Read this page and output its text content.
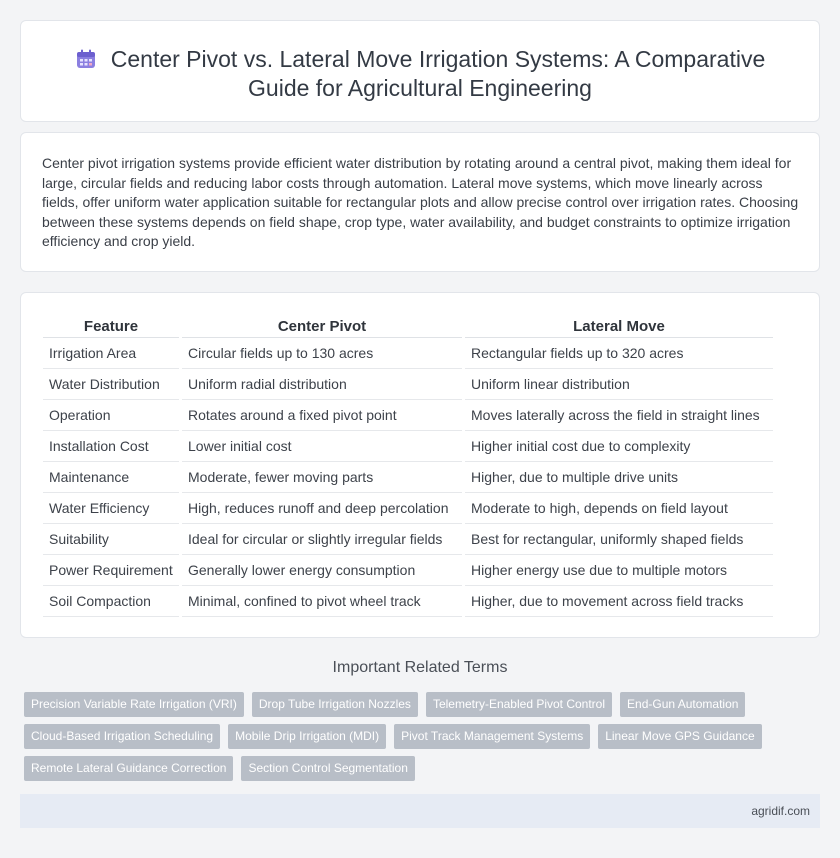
Center Pivot vs. Lateral Move Irrigation Systems: A Comparative Guide for Agricultural Engineering

Center pivot irrigation systems provide efficient water distribution by rotating around a central pivot, making them ideal for large, circular fields and reducing labor costs through automation. Lateral move systems, which move linearly across fields, offer uniform water application suitable for rectangular plots and allow precise control over irrigation rates. Choosing between these systems depends on field shape, crop type, water availability, and budget constraints to optimize irrigation efficiency and crop yield.

Feature		Center Pivot		Lateral Move
Irrigation Area		Circular fields up to 130 acres		Rectangular fields up to 320 acres
Water Distribution		Uniform radial distribution		Uniform linear distribution
Operation		Rotates around a fixed pivot point		Moves laterally across the field in straight lines
Installation Cost		Lower initial cost		Higher initial cost due to complexity
Maintenance		Moderate, fewer moving parts		Higher, due to multiple drive units
Water Efficiency		High, reduces runoff and deep percolation		Moderate to high, depends on field layout
Suitability		Ideal for circular or slightly irregular fields		Best for rectangular, uniformly shaped fields
Power Requirement		Generally lower energy consumption		Higher energy use due to multiple motors
Soil Compaction		Minimal, confined to pivot wheel track		Higher, due to movement across field tracks
Important Related Terms
Precision Variable Rate Irrigation (VRI)	Drop Tube Irrigation Nozzles	Telemetry-Enabled Pivot Control	End-Gun Automation
Cloud-Based Irrigation Scheduling	Mobile Drip Irrigation (MDI)	Pivot Track Management Systems	Linear Move GPS Guidance
Remote Lateral Guidance Correction	Section Control Segmentation
agridif.com
